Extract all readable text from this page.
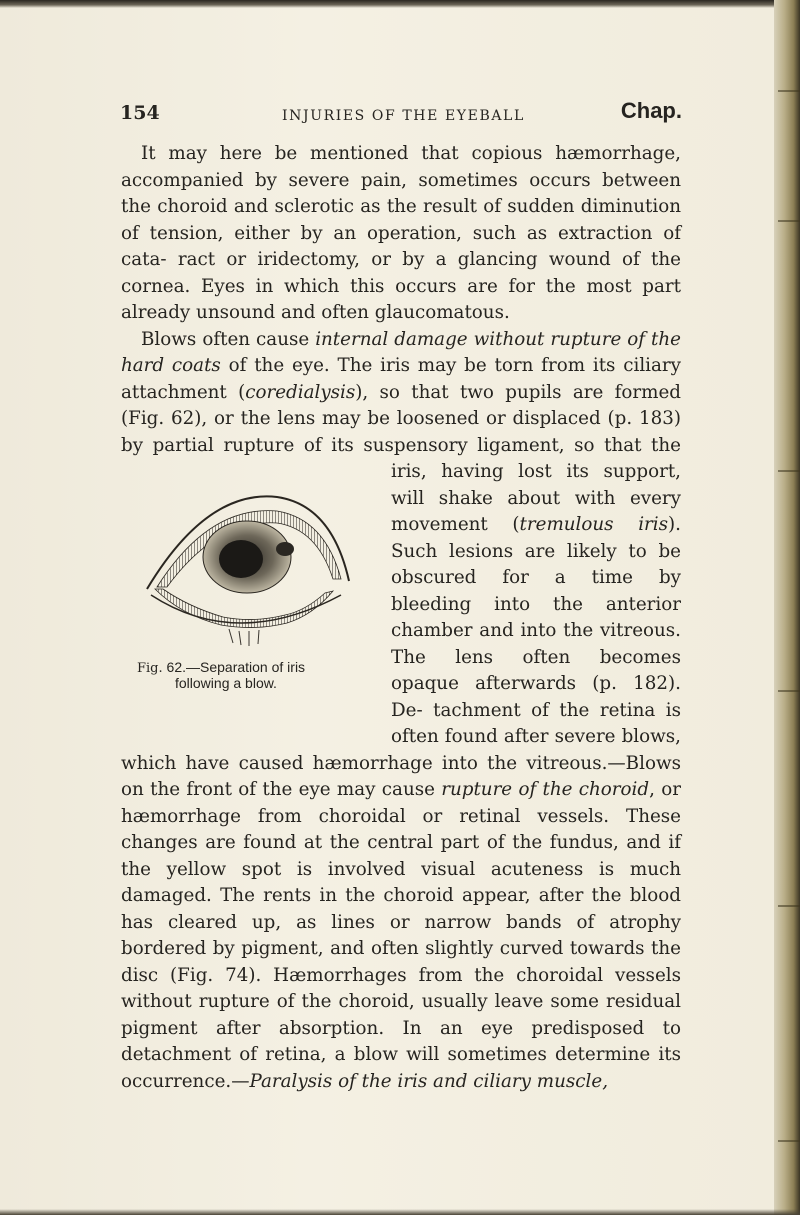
154	INJURIES OF THE EYEBALL	Chap.

It may here be mentioned that copious hæmorrhage, accompanied by severe pain, sometimes occurs between the choroid and sclerotic as the result of sudden diminution of tension, either by an operation, such as extraction of cata- ract or iridectomy, or by a glancing wound of the cornea. Eyes in which this occurs are for the most part already unsound and often glaucomatous.

Fig. 62.—Separation of iris
following a blow.
Blows often cause internal damage without rupture of the hard coats of the eye. The iris may be torn from its ciliary attachment (coredialysis), so that two pupils are formed (Fig. 62), or the lens may be loosened or displaced (p. 183) by partial rupture of its suspensory ligament, so that the iris, having lost its support, will shake about with every movement (tremulous iris). Such lesions are likely to be obscured for a time by bleeding into the anterior chamber and into the vitreous. The lens often becomes opaque afterwards (p. 182). De- tachment of the retina is often found after severe blows, which have caused hæmorrhage into the vitreous.—Blows on the front of the eye may cause rupture of the choroid, or hæmorrhage from choroidal or retinal vessels. These changes are found at the central part of the fundus, and if the yellow spot is involved visual acuteness is much damaged. The rents in the choroid appear, after the blood has cleared up, as lines or narrow bands of atrophy bordered by pigment, and often slightly curved towards the disc (Fig. 74). Hæmorrhages from the choroidal vessels without rupture of the choroid, usually leave some residual pigment after absorption. In an eye predisposed to detachment of retina, a blow will sometimes determine its occurrence.—Paralysis of the iris and ciliary muscle,
